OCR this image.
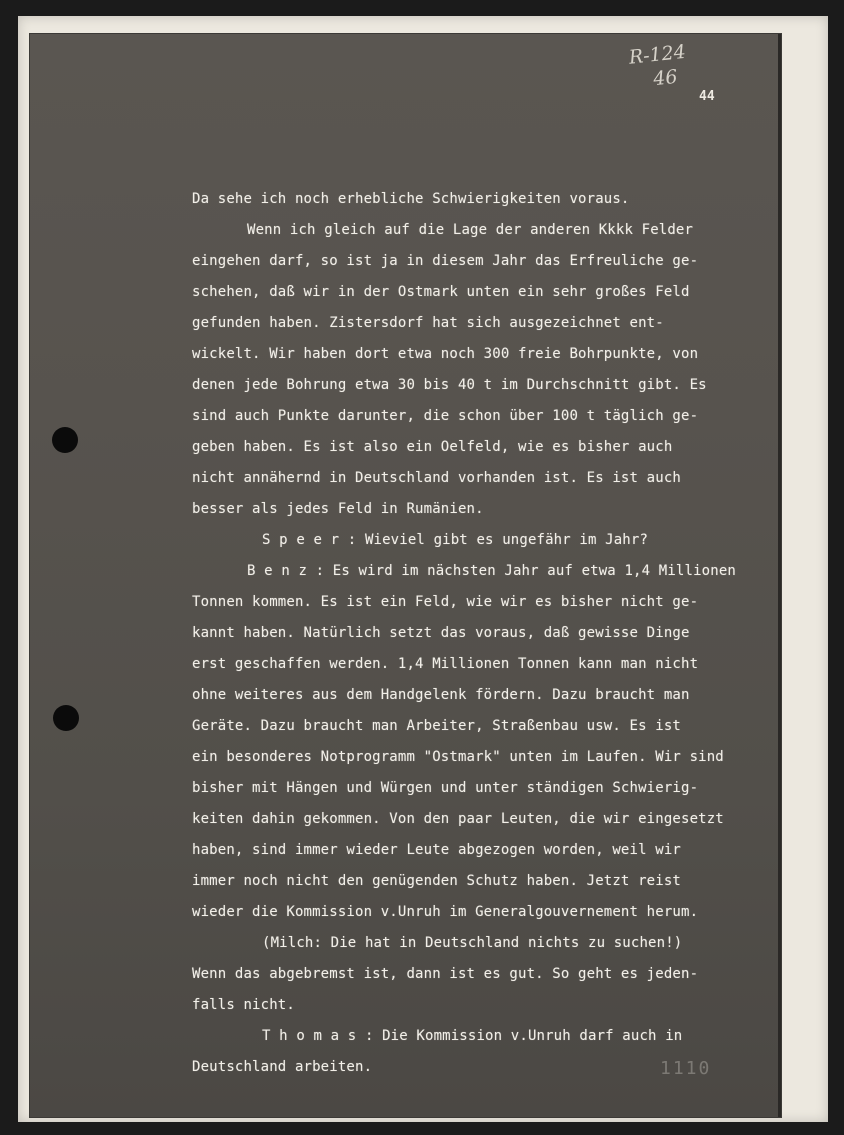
R-124
46
44
Da sehe ich noch erhebliche Schwierigkeiten voraus.
Wenn ich gleich auf die Lage der anderen Kkkk Felder
eingehen darf, so ist ja in diesem Jahr das Erfreuliche ge-
schehen, daß wir in der Ostmark unten ein sehr großes Feld
gefunden haben. Zistersdorf hat sich ausgezeichnet ent-
wickelt. Wir haben dort etwa noch 300 freie Bohrpunkte, von
denen jede Bohrung etwa 30 bis 40 t im Durchschnitt gibt. Es
sind auch Punkte darunter, die schon über 100 t täglich ge-
geben haben. Es ist also ein Oelfeld, wie es bisher auch
nicht annähernd in Deutschland vorhanden ist. Es ist auch
besser als jedes Feld in Rumänien.
S p e e r : Wieviel gibt es ungefähr im Jahr?
B e n z : Es wird im nächsten Jahr auf etwa 1,4 Millionen
Tonnen kommen. Es ist ein Feld, wie wir es bisher nicht ge-
kannt haben. Natürlich setzt das voraus, daß gewisse Dinge
erst geschaffen werden. 1,4 Millionen Tonnen kann man nicht
ohne weiteres aus dem Handgelenk fördern. Dazu braucht man
Geräte. Dazu braucht man Arbeiter, Straßenbau usw. Es ist
ein besonderes Notprogramm "Ostmark" unten im Laufen. Wir sind
bisher mit Hängen und Würgen und unter ständigen Schwierig-
keiten dahin gekommen. Von den paar Leuten, die wir eingesetzt
haben, sind immer wieder Leute abgezogen worden, weil wir
immer noch nicht den genügenden Schutz haben. Jetzt reist
wieder die Kommission v.Unruh im Generalgouvernement herum.
(Milch: Die hat in Deutschland nichts zu suchen!)
Wenn das abgebremst ist, dann ist es gut. So geht es jeden-
falls nicht.
T h o m a s : Die Kommission v.Unruh darf auch in
Deutschland arbeiten.	1110
